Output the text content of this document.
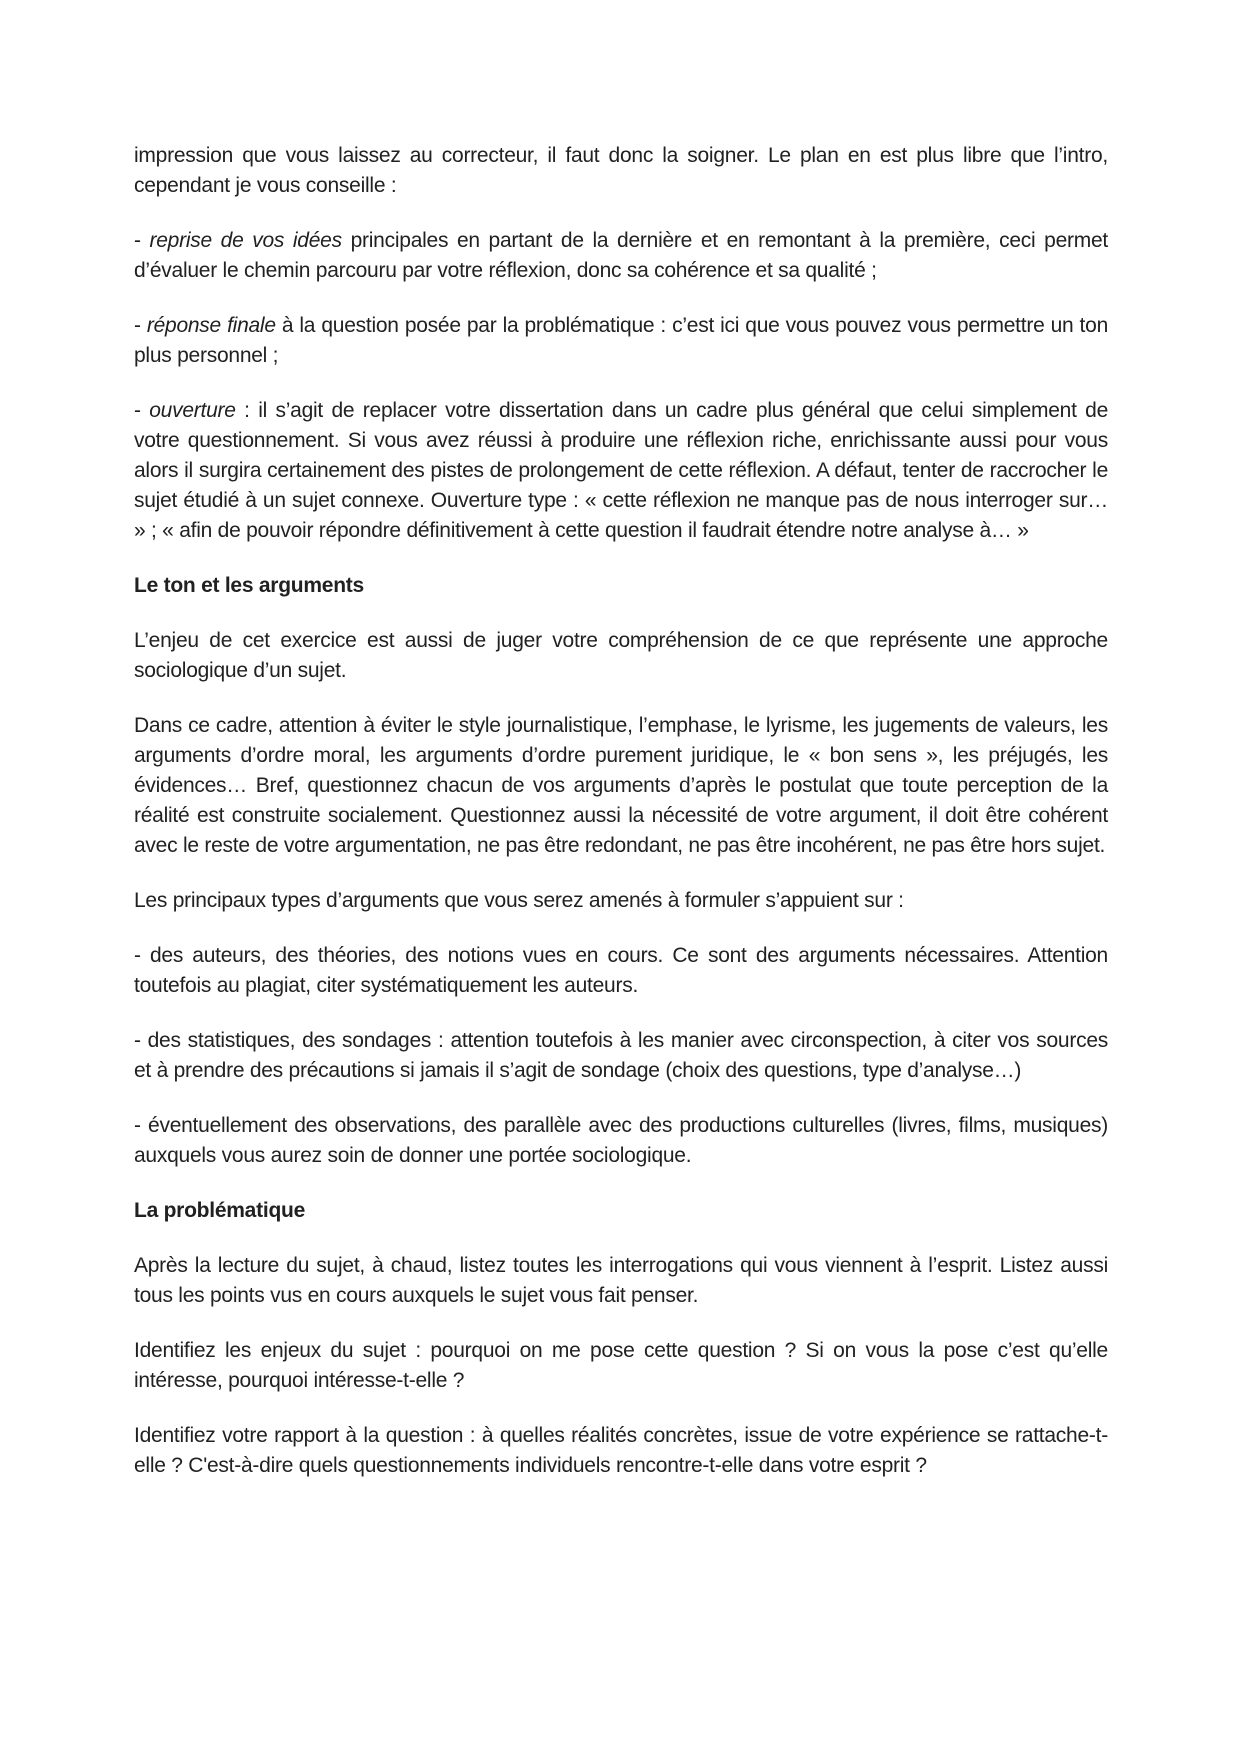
impression que vous laissez au correcteur, il faut donc la soigner. Le plan en est plus libre que l’intro, cependant je vous conseille :

- reprise de vos idées principales en partant de la dernière et en remontant à la première, ceci permet d’évaluer le chemin parcouru par votre réflexion, donc sa cohérence et sa qualité ;

- réponse finale à la question posée par la problématique : c’est ici que vous pouvez vous permettre un ton plus personnel ;

- ouverture : il s’agit de replacer votre dissertation dans un cadre plus général que celui simplement de votre questionnement. Si vous avez réussi à produire une réflexion riche, enrichissante aussi pour vous alors il surgira certainement des pistes de prolongement de cette réflexion. A défaut, tenter de raccrocher le sujet étudié à un sujet connexe. Ouverture type : « cette réflexion ne manque pas de nous interroger sur… » ; « afin de pouvoir répondre définitivement à cette question il faudrait étendre notre analyse à… »

Le ton et les arguments

L’enjeu de cet exercice est aussi de juger votre compréhension de ce que représente une approche sociologique d’un sujet.

Dans ce cadre, attention à éviter le style journalistique, l’emphase, le lyrisme, les jugements de valeurs, les arguments d’ordre moral, les arguments d’ordre purement juridique, le « bon sens », les préjugés, les évidences… Bref, questionnez chacun de vos arguments d’après le postulat que toute perception de la réalité est construite socialement. Questionnez aussi la nécessité de votre argument, il doit être cohérent avec le reste de votre argumentation, ne pas être redondant, ne pas être incohérent, ne pas être hors sujet.

Les principaux types d’arguments que vous serez amenés à formuler s’appuient sur :

- des auteurs, des théories, des notions vues en cours. Ce sont des arguments nécessaires. Attention toutefois au plagiat, citer systématiquement les auteurs.

- des statistiques, des sondages : attention toutefois à les manier avec circonspection, à citer vos sources et à prendre des précautions si jamais il s’agit de sondage (choix des questions, type d’analyse…)

- éventuellement des observations, des parallèle avec des productions culturelles (livres, films, musiques) auxquels vous aurez soin de donner une portée sociologique.

La problématique

Après la lecture du sujet, à chaud, listez toutes les interrogations qui vous viennent à l’esprit. Listez aussi tous les points vus en cours auxquels le sujet vous fait penser.

Identifiez les enjeux du sujet : pourquoi on me pose cette question ? Si on vous la pose c’est qu’elle intéresse, pourquoi intéresse-t-elle ?

Identifiez votre rapport à la question : à quelles réalités concrètes, issue de votre expérience se rattache-t-elle ? C'est-à-dire quels questionnements individuels rencontre-t-elle dans votre esprit ?
